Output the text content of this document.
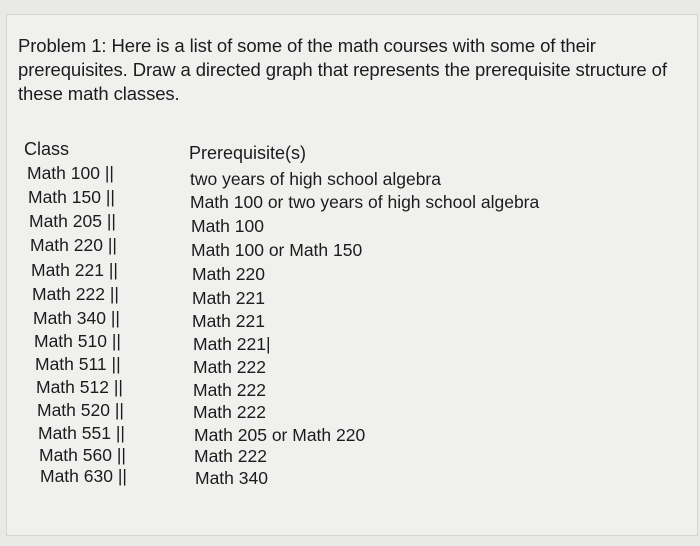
Problem 1: Here is a list of some of the math courses with some of their prerequisites. Draw a directed graph that represents the prerequisite structure of these math classes.

Class	Prerequisite(s)
Math 100 ||	two years of high school algebra
Math 150 ||	Math 100 or two years of high school algebra
Math 205 ||	Math 100
Math 220 ||	Math 100 or Math 150
Math 221 ||	Math 220
Math 222 ||	Math 221
Math 340 ||	Math 221
Math 510 ||	Math 221|
Math 511 ||	Math 222
Math 512 ||	Math 222
Math 520 ||	Math 222
Math 551 ||	Math 205 or Math 220
Math 560 ||	Math 222
Math 630 ||	Math 340
